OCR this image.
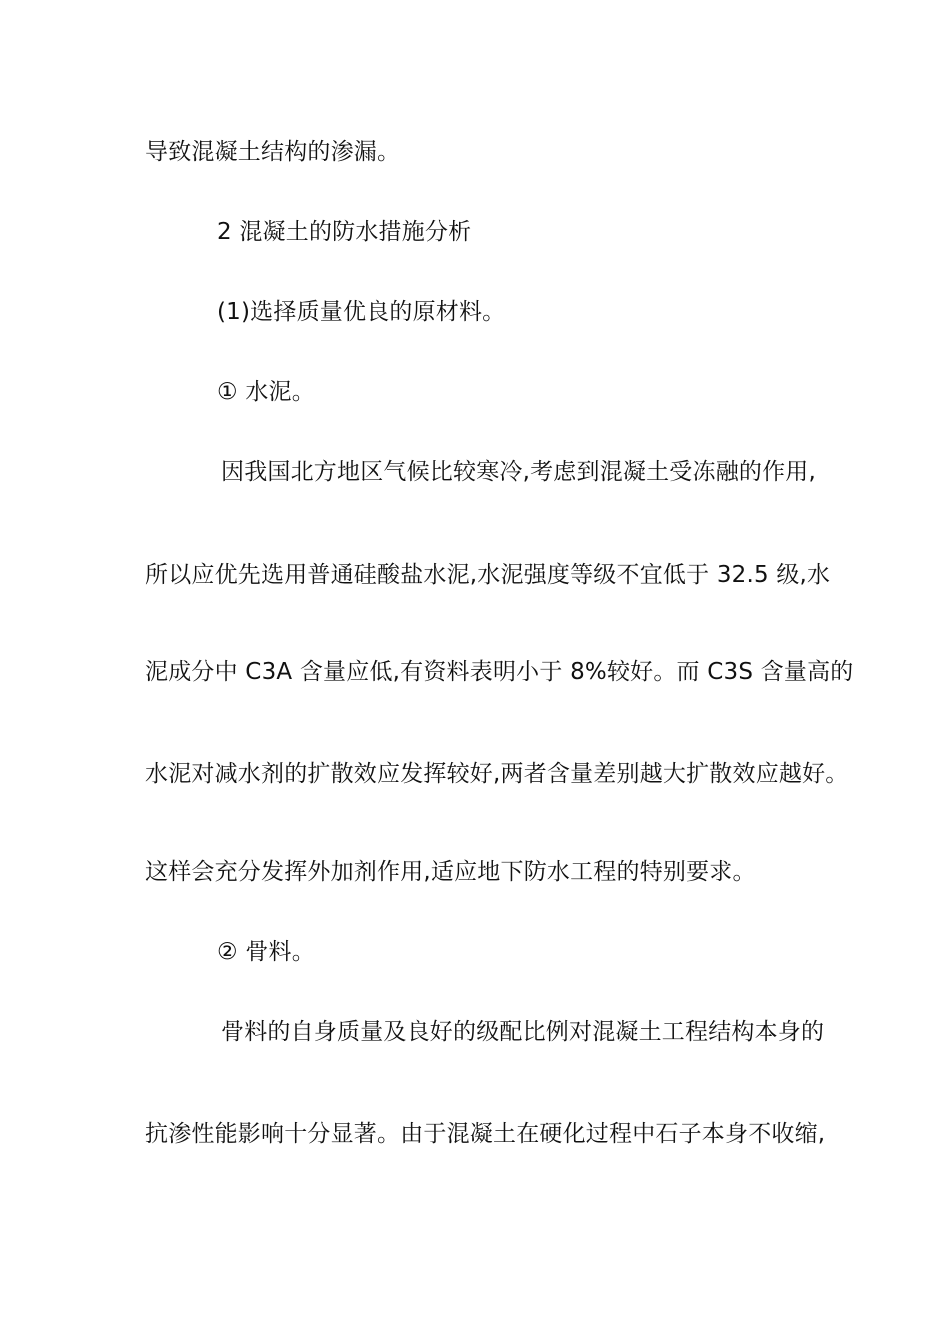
导致混凝土结构的渗漏。
2 混凝土的防水措施分析
(1)选择质量优良的原材料。
① 水泥。
因我国北方地区气候比较寒冷,考虑到混凝土受冻融的作用,
所以应优先选用普通硅酸盐水泥,水泥强度等级不宜低于 32.5 级,水
泥成分中 C3A 含量应低,有资料表明小于 8%较好。而 C3S 含量高的
水泥对减水剂的扩散效应发挥较好,两者含量差别越大扩散效应越好。
这样会充分发挥外加剂作用,适应地下防水工程的特别要求。
② 骨料。
骨料的自身质量及良好的级配比例对混凝土工程结构本身的
抗渗性能影响十分显著。由于混凝土在硬化过程中石子本身不收缩,
